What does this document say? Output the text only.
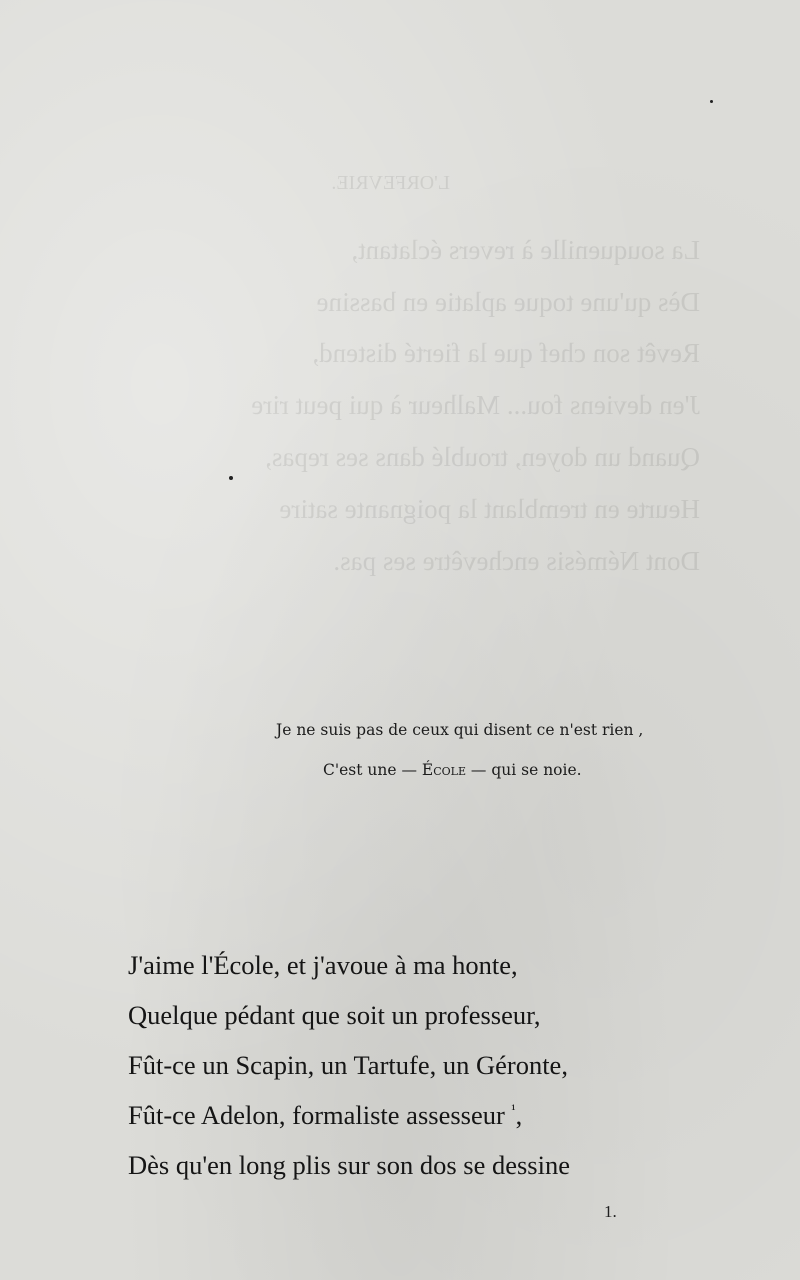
L'ORFEVRIE.
La souquenille à revers éclatant,
Dès qu'une toque aplatie en bassine
Revêt son chef que la fierté distend,
J'en deviens fou... Malheur à qui peut rire
Quand un doyen, troublé dans ses repas,
Heurte en tremblant la poignante satire
Dont Némésis enchevêtre ses pas.
Je ne suis pas de ceux qui disent ce n'est rien ,
C'est une — École — qui se noie.
J'aime l'École, et j'avoue à ma honte,
Quelque pédant que soit un professeur,
Fût-ce un Scapin, un Tartufe, un Géronte,
Fût-ce Adelon, formaliste assesseur $^{^1}$,
Dès qu'en long plis sur son dos se dessine
1.
